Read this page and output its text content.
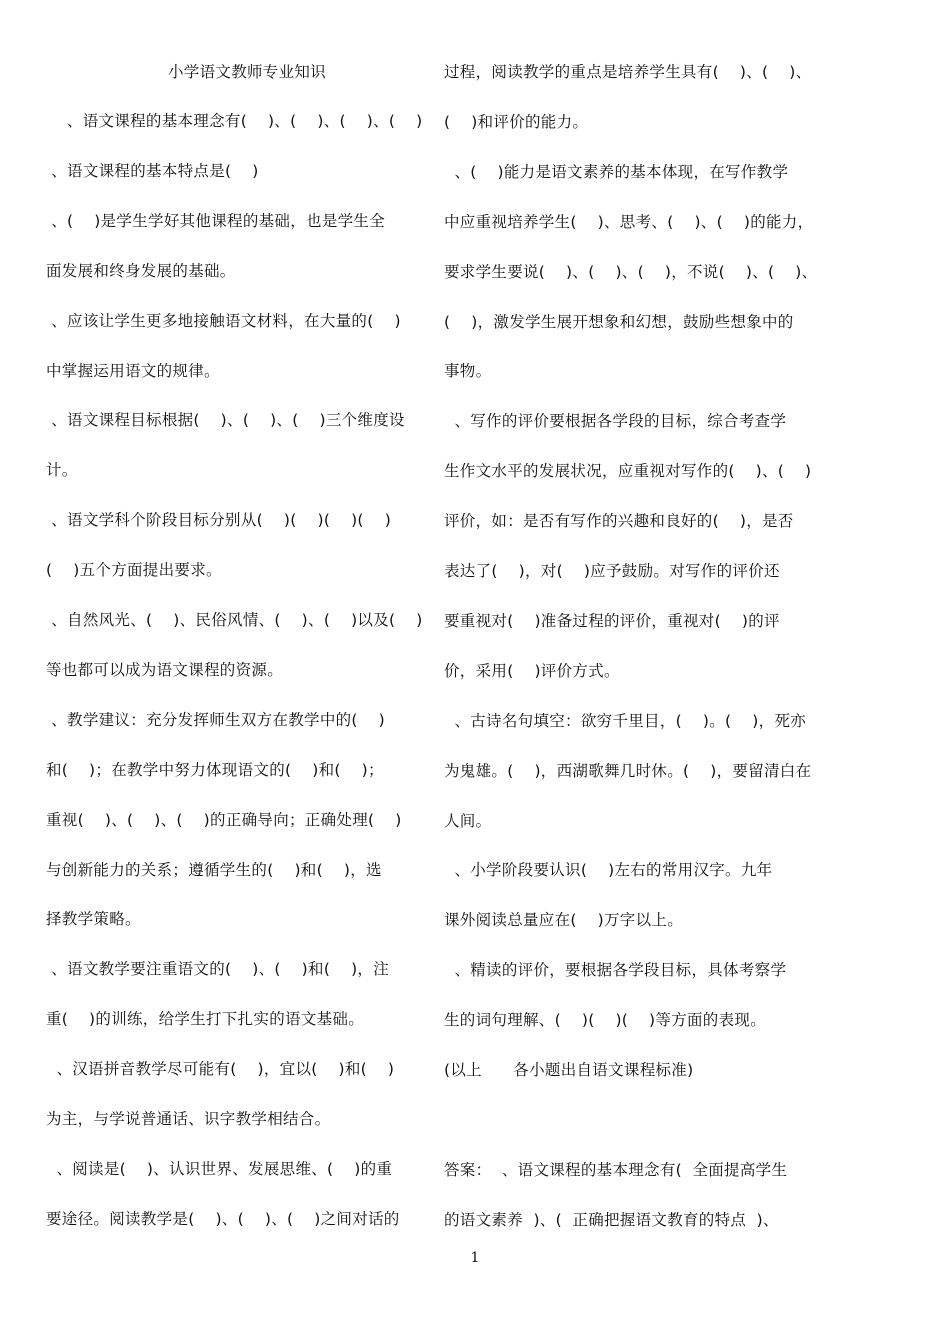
小学语文教师专业知识
、语文课程的基本理念有(    )、(    )、(    )、(    )
、语文课程的基本特点是(    )
、(    )是学生学好其他课程的基础，也是学生全
面发展和终身发展的基础。
、应该让学生更多地接触语文材料，在大量的(    )
中掌握运用语文的规律。
、语文课程目标根据(    )、(    )、(    )三个维度设
计。
、语文学科个阶段目标分别从(    )(    )(    )(    )
(    )五个方面提出要求。
、自然风光、(    )、民俗风情、(    )、(    )以及(    )
等也都可以成为语文课程的资源。
、教学建议：充分发挥师生双方在教学中的(    )
和(    )；在教学中努力体现语文的(    )和(    )；
重视(    )、(    )、(    )的正确导向；正确处理(    )
与创新能力的关系；遵循学生的(    )和(    )，选
择教学策略。
、语文教学要注重语文的(    )、(    )和(    )，注
重(    )的训练，给学生打下扎实的语文基础。
、汉语拼音教学尽可能有(    )，宜以(    )和(    )
为主，与学说普通话、识字教学相结合。
、阅读是(    )、认识世界、发展思维、(    )的重
要途径。阅读教学是(    )、(    )、(    )之间对话的
过程，阅读教学的重点是培养学生具有(    )、(    )、
(    )和评价的能力。
、(    )能力是语文素养的基本体现，在写作教学
中应重视培养学生(    )、思考、(    )、(    )的能力，
要求学生要说(    )、(    )、(    )，不说(    )、(    )、
(    )，激发学生展开想象和幻想，鼓励些想象中的
事物。
、写作的评价要根据各学段的目标，综合考查学
生作文水平的发展状况，应重视对写作的(    )、(    )
评价，如：是否有写作的兴趣和良好的(    )，是否
表达了(    )，对(    )应予鼓励。对写作的评价还
要重视对(    )准备过程的评价，重视对(    )的评
价，采用(    )评价方式。
、古诗名句填空：欲穷千里目，(    )。(    )，死亦
为鬼雄。(    )，西湖歌舞几时休。(    )，要留清白在
人间。
、小学阶段要认识(    )左右的常用汉字。九年
课外阅读总量应在(    )万字以上。
、精读的评价，要根据各学段目标，具体考察学
生的词句理解、(    )(    )(    )等方面的表现。
(以上      各小题出自语文课程标准)
答案：  、语文课程的基本理念有(  全面提高学生
的语文素养  )、(  正确把握语文教育的特点  )、
1
